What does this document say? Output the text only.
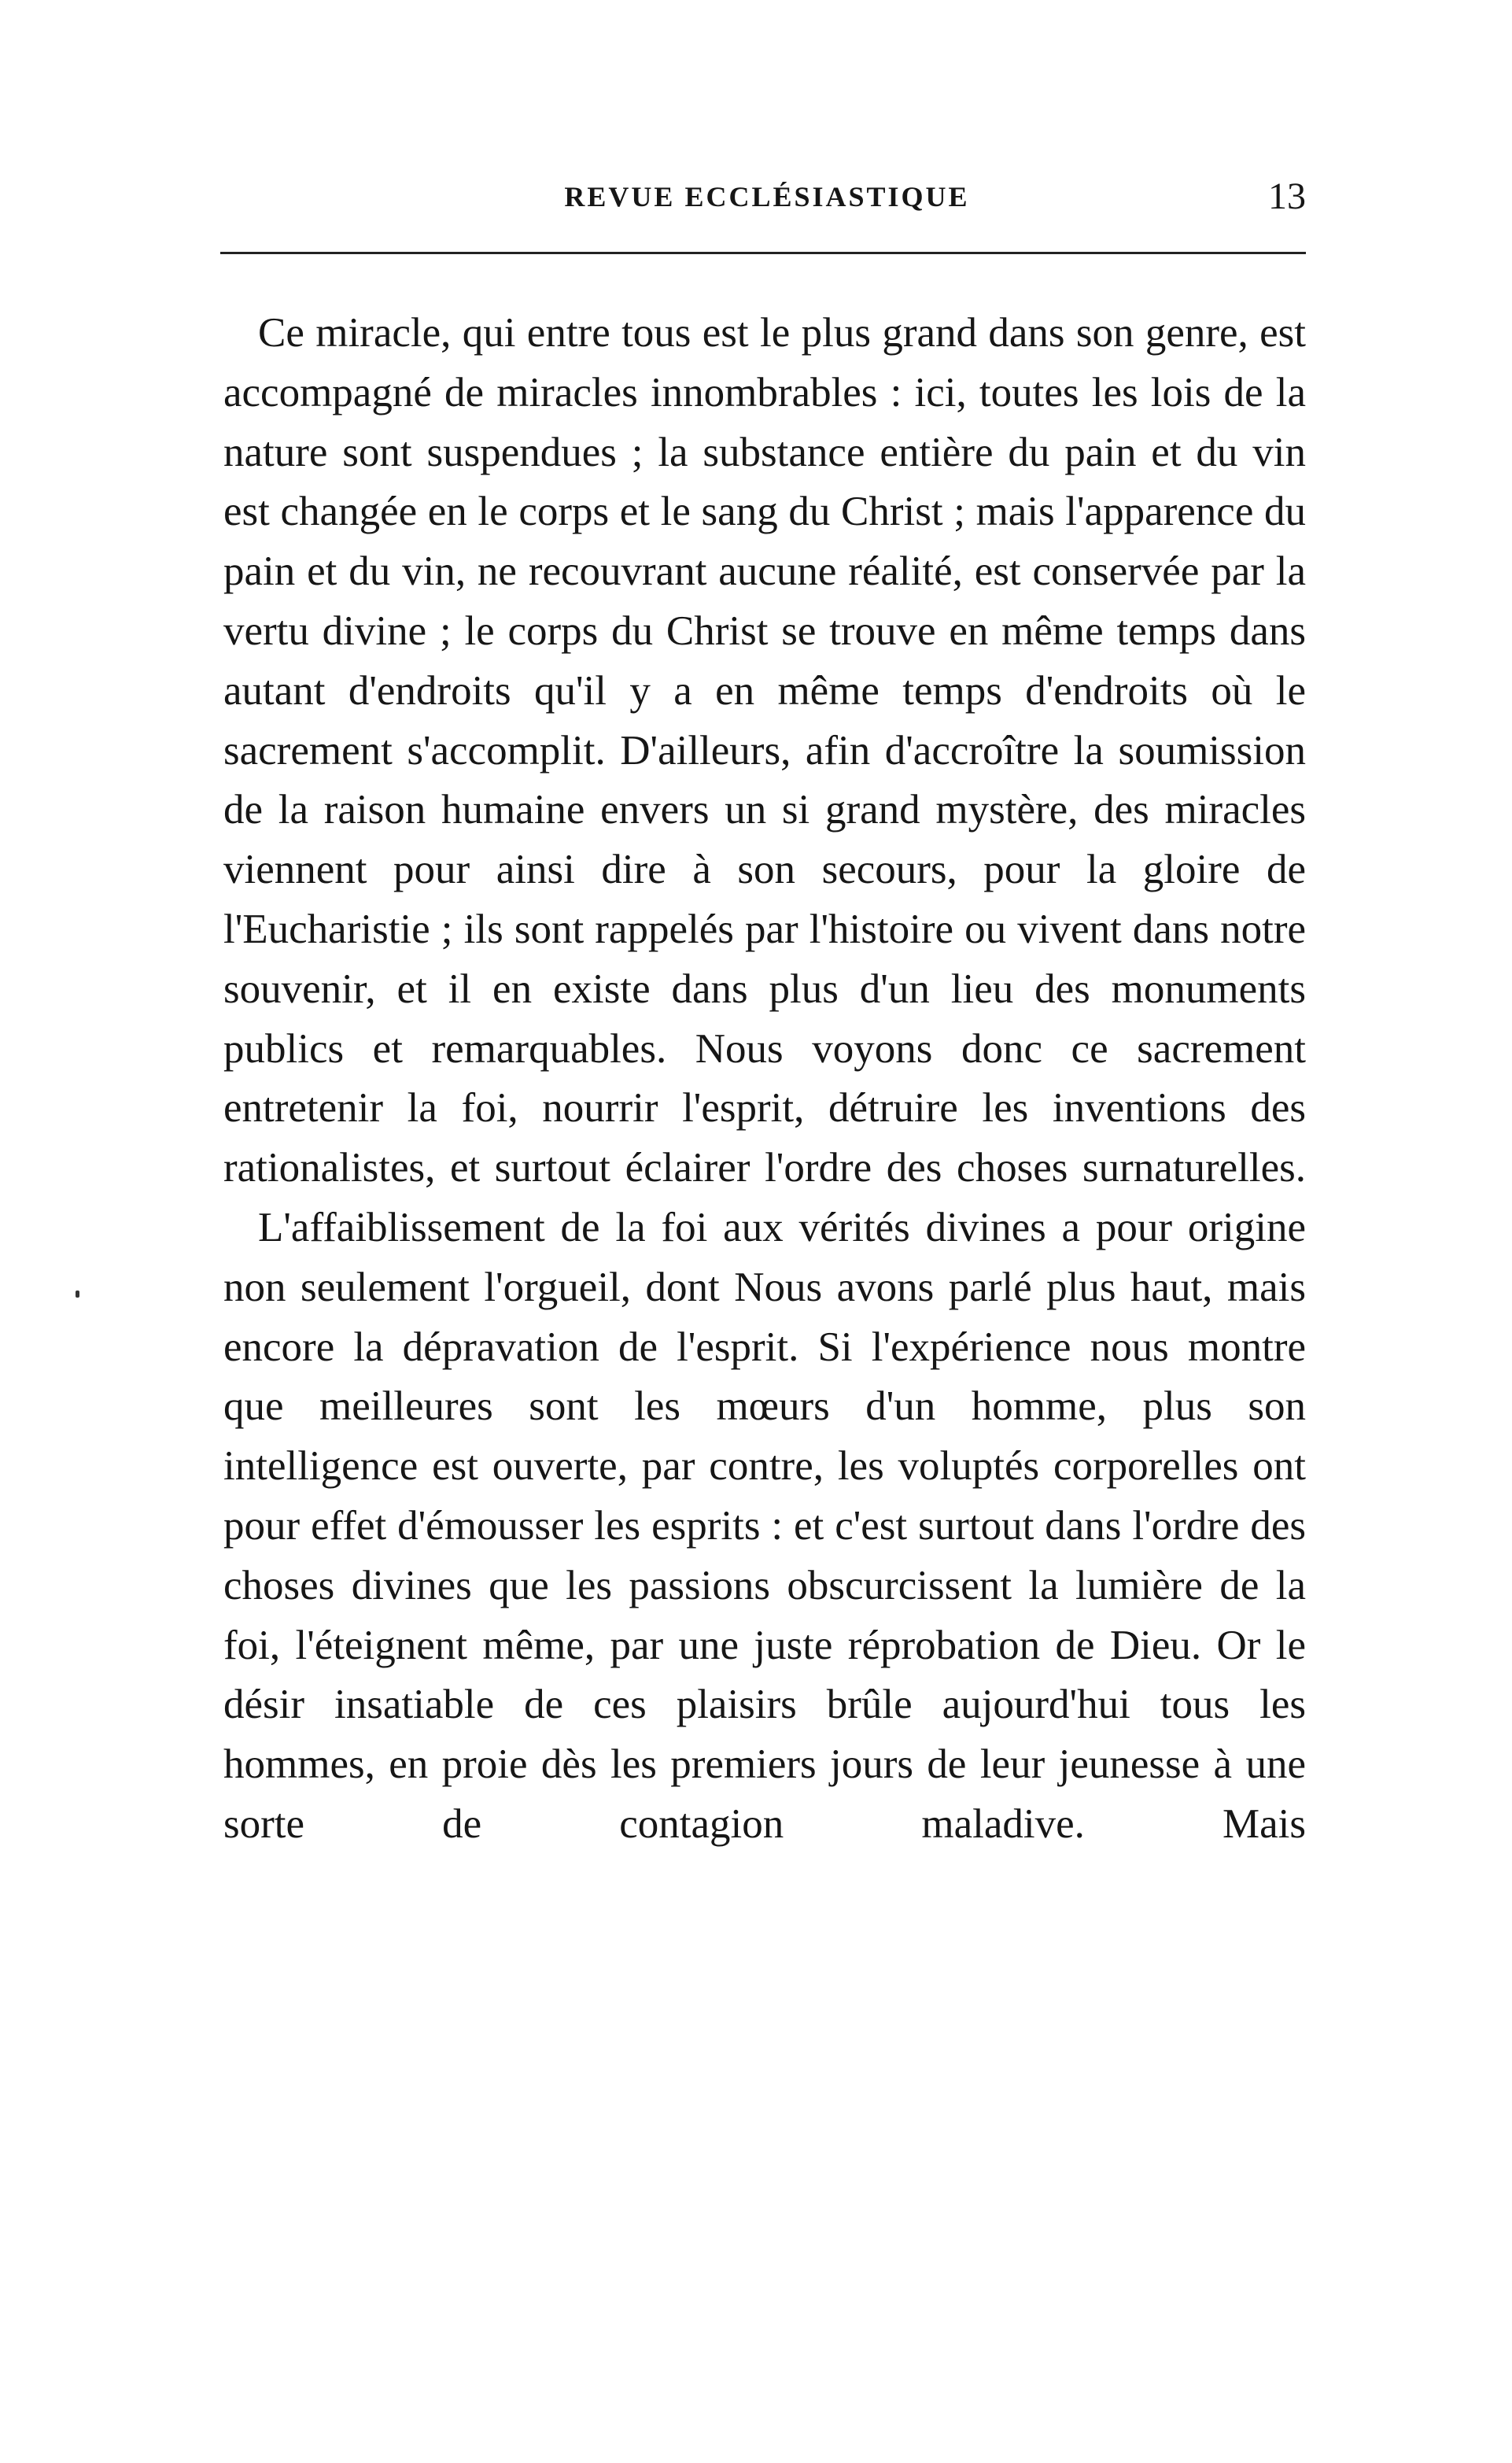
REVUE ECCLÉSIASTIQUE	13

Ce miracle, qui entre tous est le plus grand dans son genre, est accompagné de miracles innombrables : ici, toutes les lois de la nature sont suspendues ; la substance entière du pain et du vin est changée en le corps et le sang du Christ ; mais l'apparence du pain et du vin, ne recouvrant aucune réalité, est conservée par la vertu divine ; le corps du Christ se trouve en même temps dans autant d'endroits qu'il y a en même temps d'endroits où le sacrement s'accomplit. D'ailleurs, afin d'accroître la soumission de la raison humaine envers un si grand mystère, des miracles viennent pour ainsi dire à son secours, pour la gloire de l'Eucharistie ; ils sont rappelés par l'histoire ou vivent dans notre souvenir, et il en existe dans plus d'un lieu des monuments publics et remarquables. Nous voyons donc ce sacrement entretenir la foi, nourrir l'esprit, détruire les inventions des rationalistes, et surtout éclairer l'ordre des choses surnaturelles.

L'affaiblissement de la foi aux vérités divines a pour origine non seulement l'orgueil, dont Nous avons parlé plus haut, mais encore la dépravation de l'esprit. Si l'expérience nous montre que meilleures sont les mœurs d'un homme, plus son intelligence est ouverte, par contre, les voluptés corporelles ont pour effet d'émousser les esprits : et c'est surtout dans l'ordre des choses divines que les passions obscurcissent la lumière de la foi, l'éteignent même, par une juste réprobation de Dieu. Or le désir insatiable de ces plaisirs brûle aujourd'hui tous les hommes, en proie dès les premiers jours de leur jeunesse à une sorte de contagion maladive. Mais
